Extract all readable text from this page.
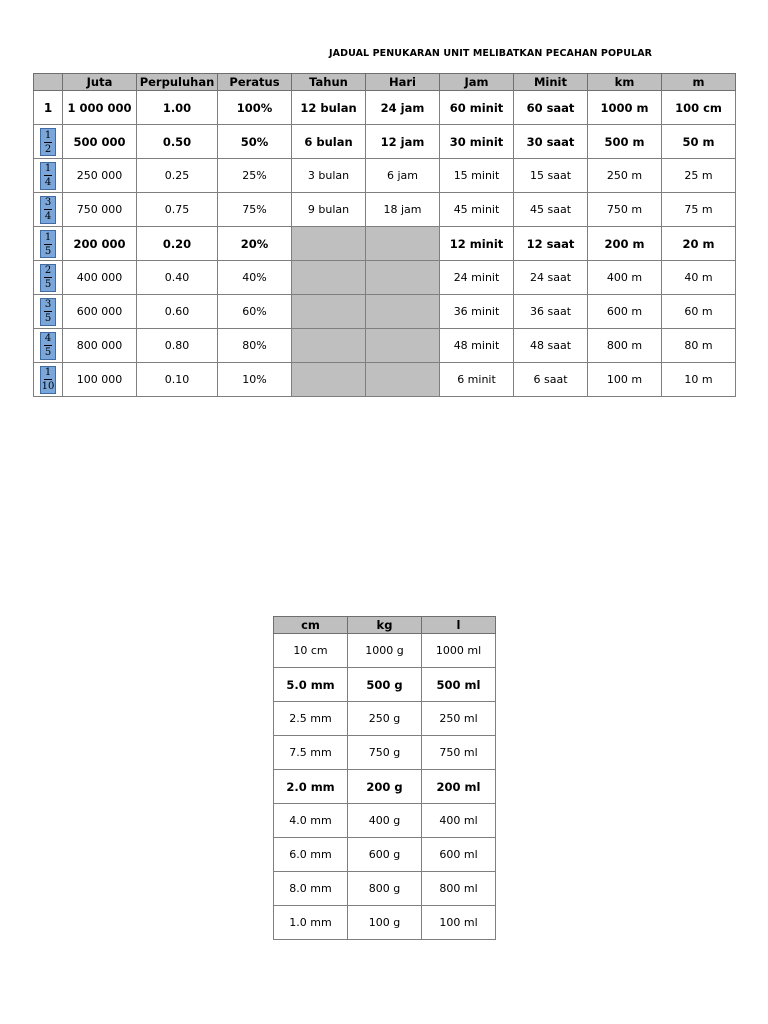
JADUAL PENUKARAN UNIT MELIBATKAN PECAHAN POPULAR
	Juta	Perpuluhan	Peratus	Tahun	Hari	Jam	Minit	km	m
1	1 000 000	1.00	100%	12 bulan	24 jam	60 minit	60 saat	1000 m	100 cm

$\frac{1}{2}$	500 000	0.50	50%	6 bulan	12 jam	30 minit	30 saat	500 m	50 m

$\frac{1}{4}$	250 000	0.25	25%	3 bulan	6 jam	15 minit	15 saat	250 m	25 m

$\frac{3}{4}$	750 000	0.75	75%	9 bulan	18 jam	45 minit	45 saat	750 m	75 m

$\frac{1}{5}$	200 000	0.20	20%			12 minit	12 saat	200 m	20 m

$\frac{2}{5}$	400 000	0.40	40%			24 minit	24 saat	400 m	40 m

$\frac{3}{5}$	600 000	0.60	60%			36 minit	36 saat	600 m	60 m

$\frac{4}{5}$	800 000	0.80	80%			48 minit	48 saat	800 m	80 m

$\frac{1}{10}$	100 000	0.10	10%			6 minit	6 saat	100 m	10 m
cm	kg	l
10 cm	1000 g	1000 ml
5.0 mm	500 g	500 ml
2.5 mm	250 g	250 ml
7.5 mm	750 g	750 ml
2.0 mm	200 g	200 ml
4.0 mm	400 g	400 ml
6.0 mm	600 g	600 ml
8.0 mm	800 g	800 ml
1.0 mm	100 g	100 ml
